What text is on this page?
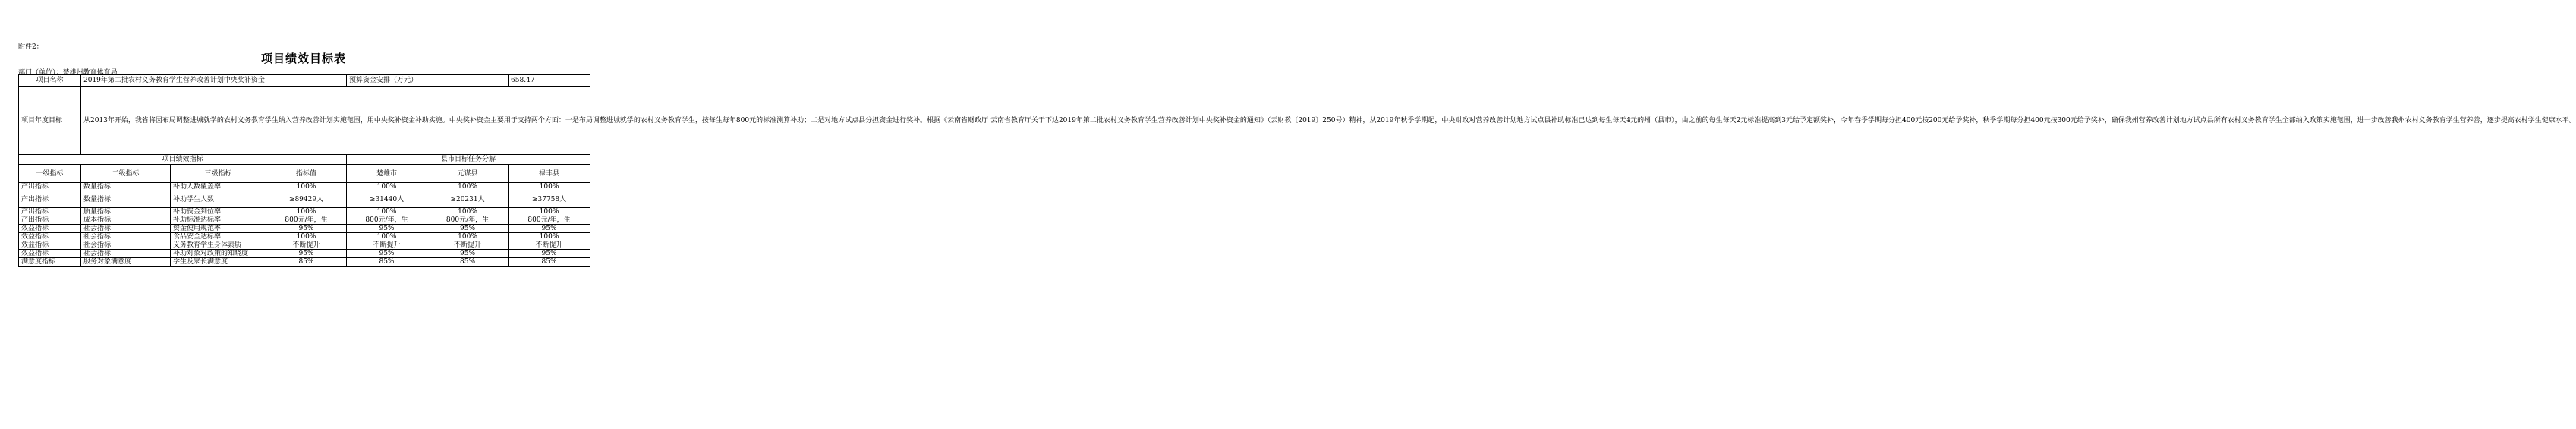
附件2：
项目绩效目标表
部门（单位）：楚雄州教育体育局
项目名称	2019年第二批农村义务教育学生营养改善计划中央奖补资金			预算资金安排（万元）		658.47
项目年度目标	从2013年开始，我省将因布局调整进城就学的农村义务教育学生纳入营养改善计划实施范围，用中央奖补资金补助实施。中央奖补资金主要用于支持两个方面：一是布局调整进城就学的农村义务教育学生，按每生每年800元的标准测算补助；二是对地方试点县分担资金进行奖补。根据《云南省财政厅 云南省教育厅关于下达2019年第二批农村义务教育学生营养改善计划中央奖补资金的通知》（云财教〔2019〕250号）精神，从2019年秋季学期起，中央财政对营养改善计划地方试点县补助标准已达到每生每天4元的州（县市），由之前的每生每天2元标准提高到3元给予定额奖补，今年春季学期每分担400元按200元给予奖补，秋季学期每分担400元按300元给予奖补，确保我州营养改善计划地方试点县所有农村义务教育学生全部纳入政策实施范围，进一步改善我州农村义务教育学生营养善，逐步提高农村学生健康水平。					
项目绩效指标				县市目标任务分解		
一级指标	二级指标	三级指标	指标值	楚雄市	元谋县	禄丰县
产出指标	数量指标	补助人数覆盖率	100%	100%	100%	100%
产出指标	数量指标	补助学生人数	≥89429人	≥31440人	≥20231人	≥37758人
产出指标	质量指标	补助资金到位率	100%	100%	100%	100%
产出指标	成本指标	补助标准达标率	800元/年，生	800元/年，生	800元/年，生	800元/年，生
效益指标	社会指标	资金使用规范率	95%	95%	95%	95%
效益指标	社会指标	食品安全达标率	100%	100%	100%	100%
效益指标	社会指标	义务教育学生身体素质	不断提升	不断提升	不断提升	不断提升
效益指标	社会指标	补助对象对政策的知晓度	95%	95%	95%	95%
满意度指标	服务对象满意度	学生及家长满意度	85%	85%	85%	85%
